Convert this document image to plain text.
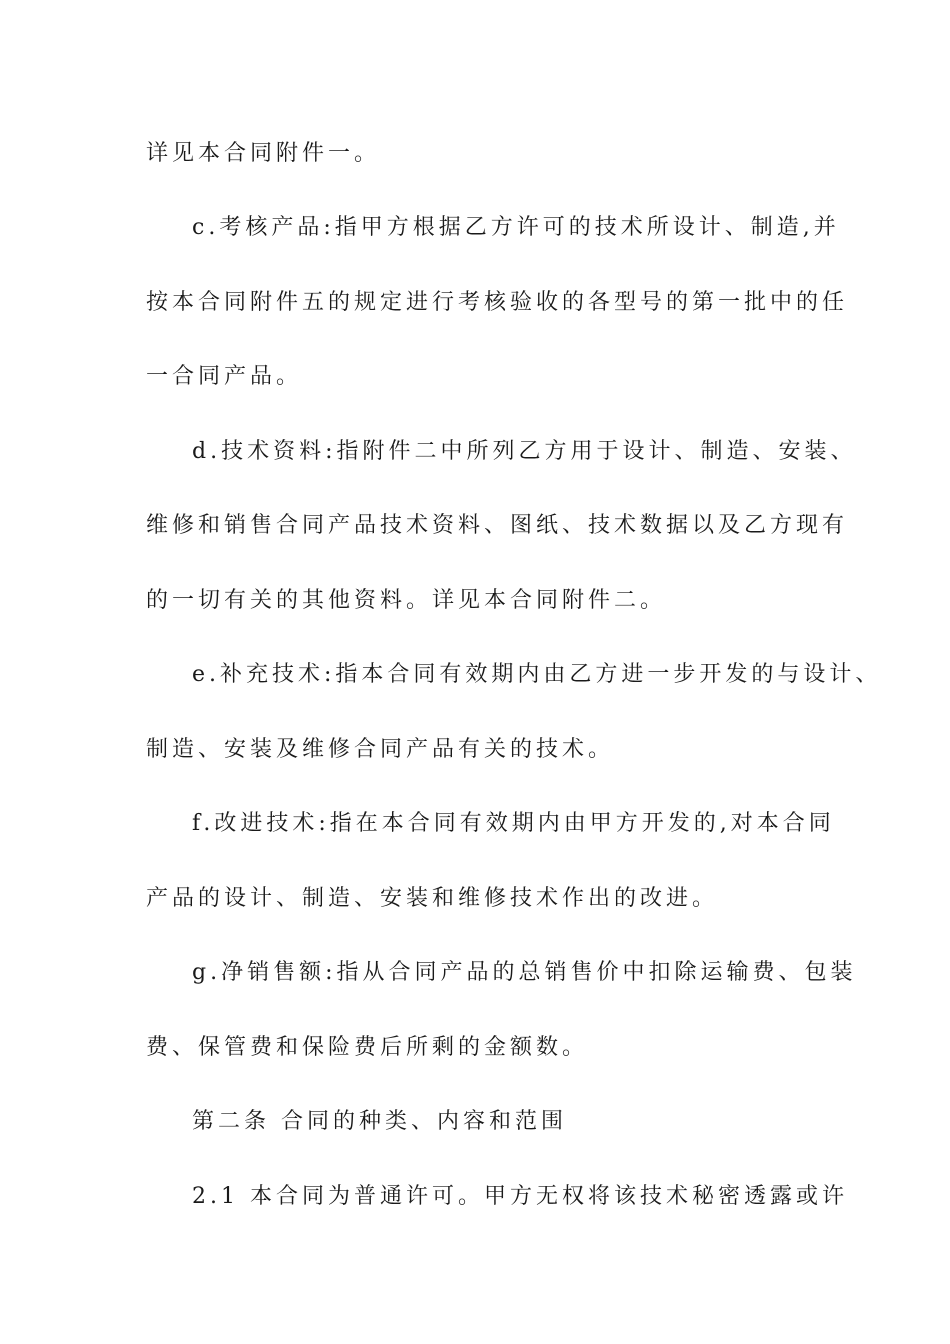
详见本合同附件一。
c.考核产品:指甲方根据乙方许可的技术所设计、制造,并
按本合同附件五的规定进行考核验收的各型号的第一批中的任
一合同产品。
d.技术资料:指附件二中所列乙方用于设计、制造、安装、
维修和销售合同产品技术资料、图纸、技术数据以及乙方现有
的一切有关的其他资料。详见本合同附件二。
e.补充技术:指本合同有效期内由乙方进一步开发的与设计、
制造、安装及维修合同产品有关的技术。
f.改进技术:指在本合同有效期内由甲方开发的,对本合同
产品的设计、制造、安装和维修技术作出的改进。
g.净销售额:指从合同产品的总销售价中扣除运输费、包装
费、保管费和保险费后所剩的金额数。
第二条 合同的种类、内容和范围
2.1 本合同为普通许可。甲方无权将该技术秘密透露或许
